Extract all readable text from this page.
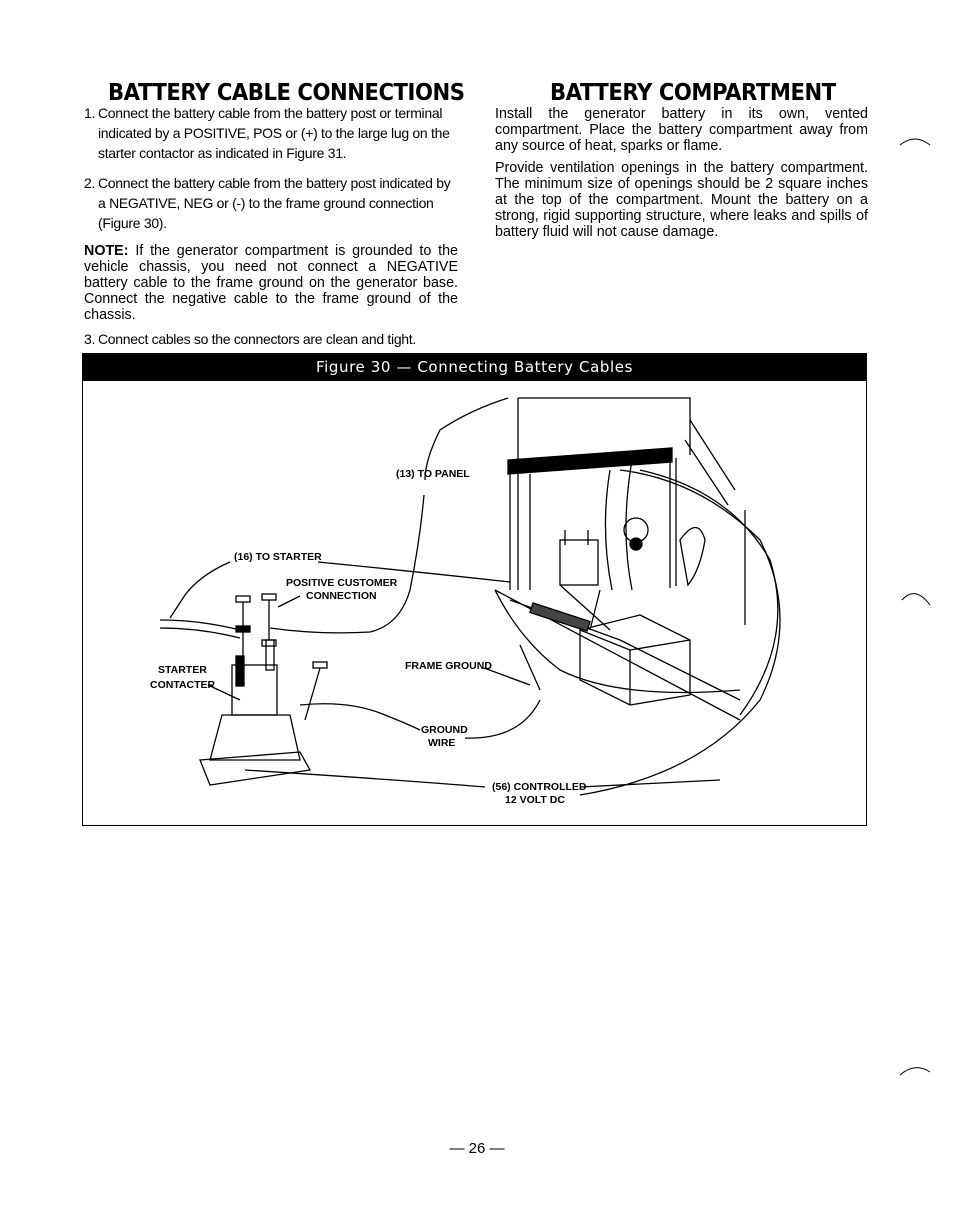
BATTERY CABLE CONNECTIONS
1. Connect the battery cable from the battery post or terminal indicated by a POSITIVE, POS or (+) to the large lug on the starter contactor as indicated in Figure 31.
2. Connect the battery cable from the battery post indicated by a NEGATIVE, NEG or (-) to the frame ground connection (Figure 30).

NOTE: If the generator compartment is grounded to the vehicle chassis, you need not connect a NEGATIVE battery cable to the frame ground on the generator base. Connect the negative cable to the frame ground of the chassis.

3. Connect cables so the connectors are clean and tight.
BATTERY COMPARTMENT

Install the generator battery in its own, vented compartment. Place the battery compartment away from any source of heat, sparks or flame.

Provide ventilation openings in the battery compartment. The minimum size of openings should be 2 square inches at the top of the compartment. Mount the battery on a strong, rigid supporting structure, where leaks and spills of battery fluid will not cause damage.

Figure 30 — Connecting Battery Cables
(13) TO PANEL
(16) TO STARTER
POSITIVE CUSTOMER
CONNECTION
STARTER
CONTACTER
FRAME GROUND
GROUND
WIRE
(56) CONTROLLED
12 VOLT DC
— 26 —
